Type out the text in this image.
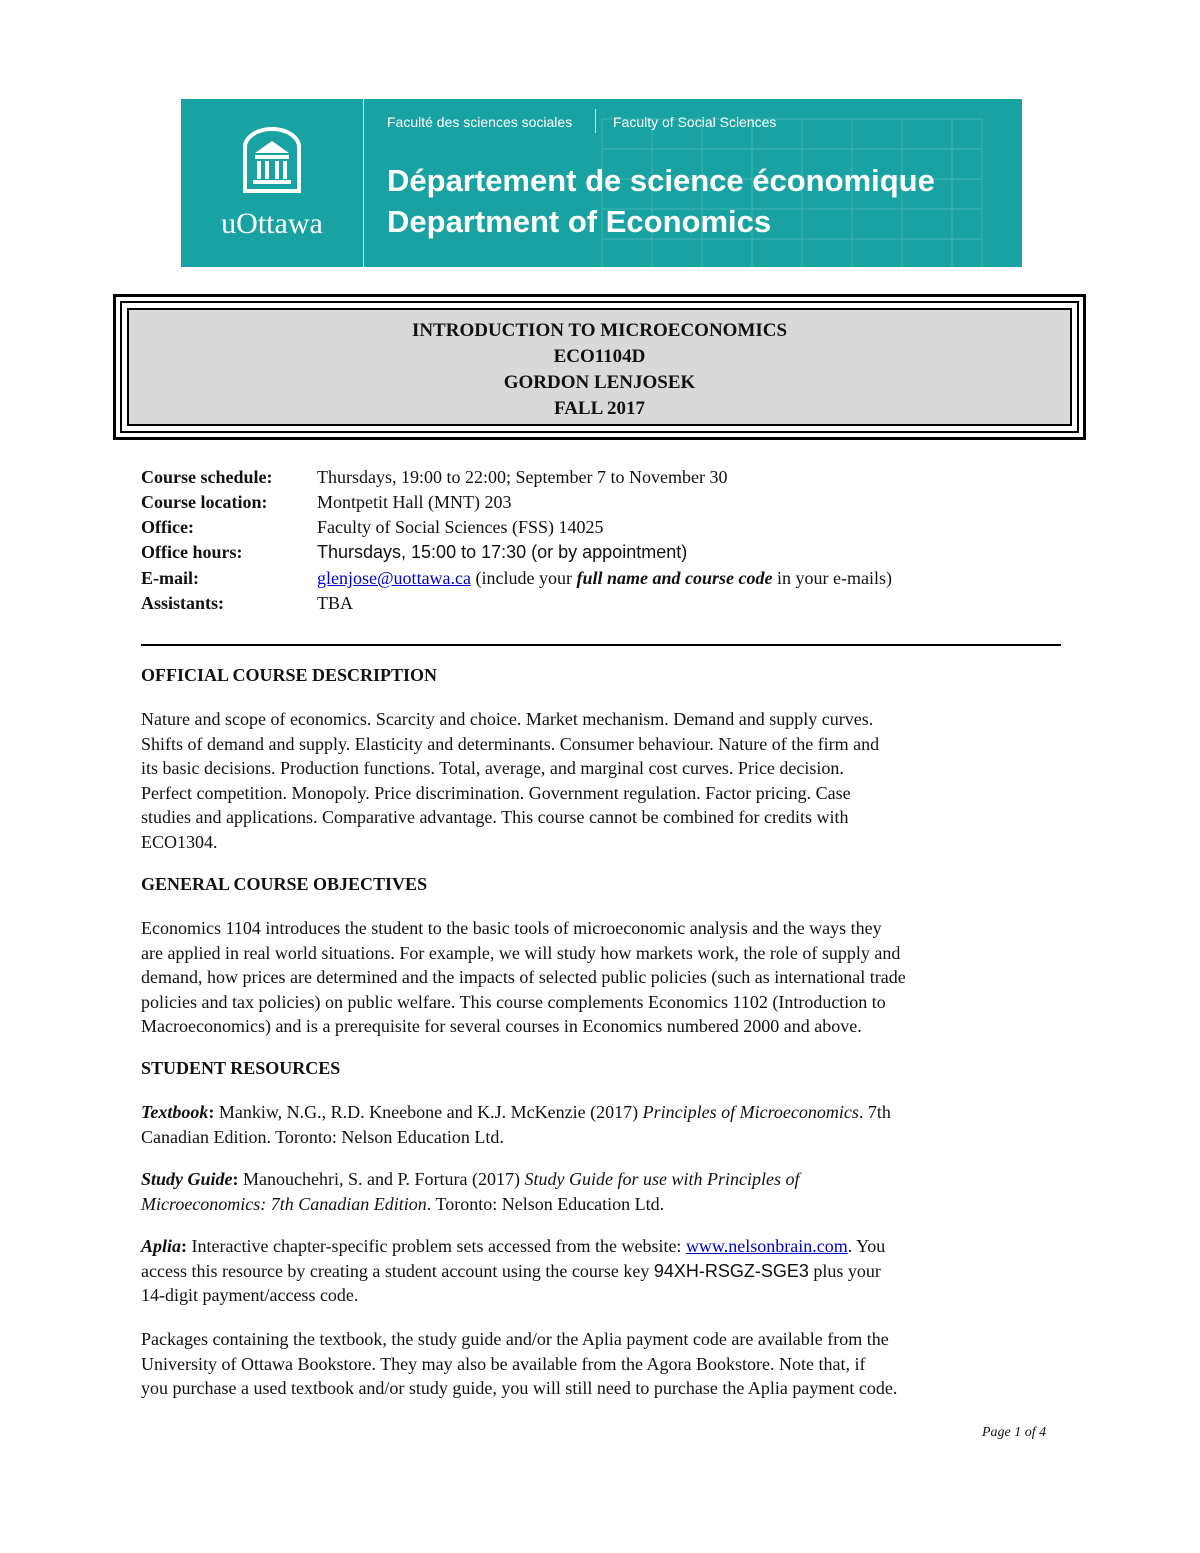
uOttawa
Faculté des sciences sociales	Faculty of Social Sciences
Département de science économique
Department of Economics
INTRODUCTION TO MICROECONOMICS
ECO1104D
GORDON LENJOSEK
FALL 2017
Course schedule: Thursdays, 19:00 to 22:00; September 7 to November 30
Course location:	Montpetit Hall (MNT) 203
Office:	Faculty of Social Sciences (FSS) 14025
Office hours:	Thursdays, 15:00 to 17:30 (or by appointment)
E-mail:	glenjose@uottawa.ca (include your full name and course code in your e-mails)
Assistants:	TBA
OFFICIAL COURSE DESCRIPTION
Nature and scope of economics. Scarcity and choice. Market mechanism. Demand and supply curves.
Shifts of demand and supply. Elasticity and determinants. Consumer behaviour. Nature of the firm and
its basic decisions. Production functions. Total, average, and marginal cost curves. Price decision.
Perfect competition. Monopoly. Price discrimination. Government regulation. Factor pricing. Case
studies and applications. Comparative advantage. This course cannot be combined for credits with
ECO1304.
GENERAL COURSE OBJECTIVES
Economics 1104 introduces the student to the basic tools of microeconomic analysis and the ways they
are applied in real world situations. For example, we will study how markets work, the role of supply and
demand, how prices are determined and the impacts of selected public policies (such as international trade
policies and tax policies) on public welfare. This course complements Economics 1102 (Introduction to
Macroeconomics) and is a prerequisite for several courses in Economics numbered 2000 and above.
STUDENT RESOURCES
Textbook: Mankiw, N.G., R.D. Kneebone and K.J. McKenzie (2017) Principles of Microeconomics. 7th
Canadian Edition. Toronto: Nelson Education Ltd.
Study Guide: Manouchehri, S. and P. Fortura (2017) Study Guide for use with Principles of
Microeconomics: 7th Canadian Edition. Toronto: Nelson Education Ltd.
Aplia: Interactive chapter-specific problem sets accessed from the website: www.nelsonbrain.com. You
access this resource by creating a student account using the course key 94XH-RSGZ-SGE3 plus your
14-digit payment/access code.
Packages containing the textbook, the study guide and/or the Aplia payment code are available from the
University of Ottawa Bookstore. They may also be available from the Agora Bookstore. Note that, if
you purchase a used textbook and/or study guide, you will still need to purchase the Aplia payment code.
Page 1 of 4
